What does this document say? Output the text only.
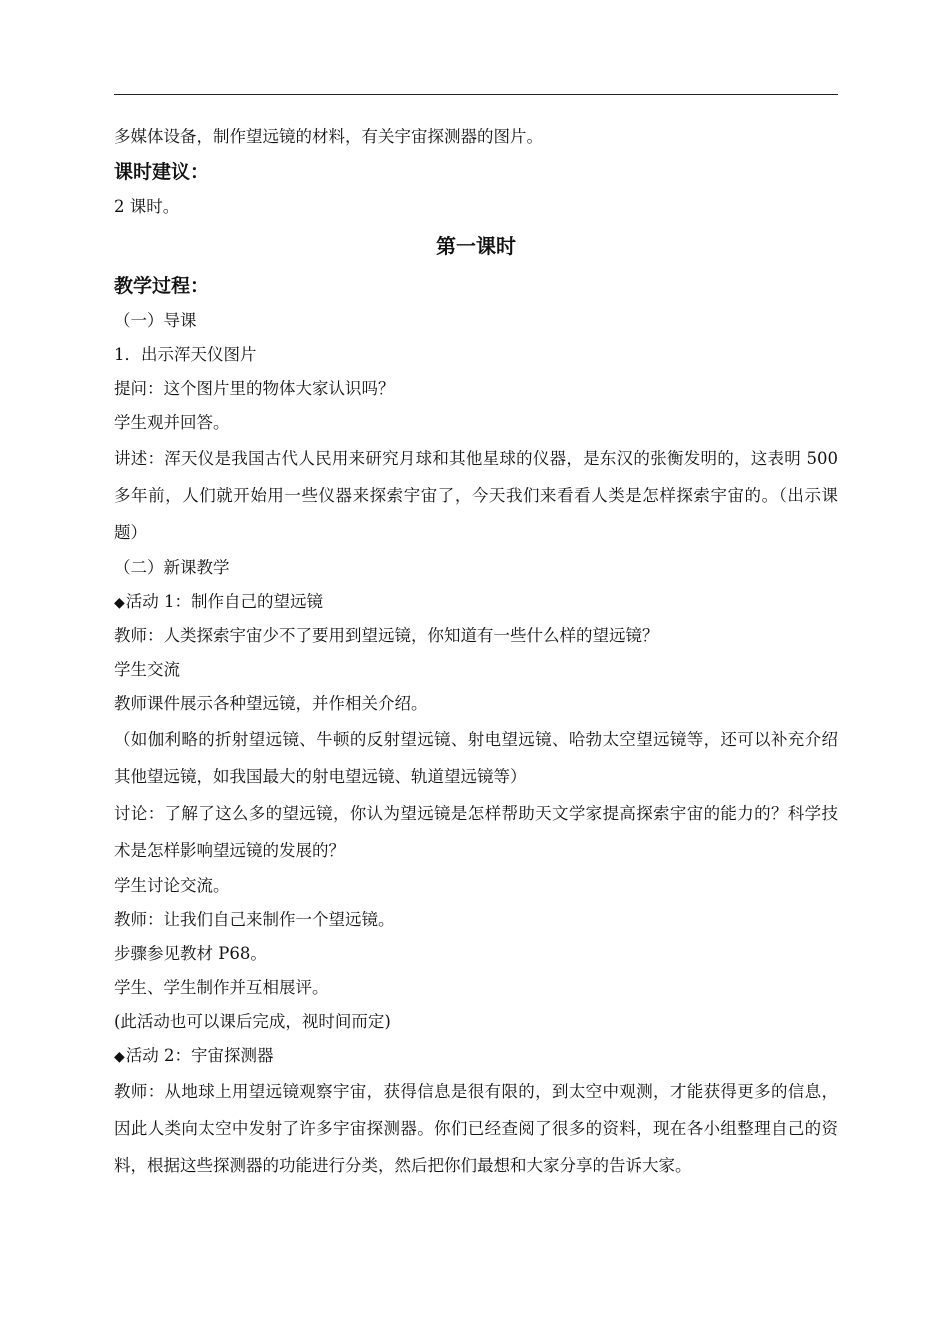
多媒体设备，制作望远镜的材料，有关宇宙探测器的图片。

课时建议：

2 课时。

第一课时

教学过程：

（一）导课

1．出示浑天仪图片

提问：这个图片里的物体大家认识吗？

学生观并回答。

讲述：浑天仪是我国古代人民用来研究月球和其他星球的仪器，是东汉的张衡发明的，这表明 500 多年前，人们就开始用一些仪器来探索宇宙了，今天我们来看看人类是怎样探索宇宙的。（出示课题）

（二）新课教学

◆活动 1：制作自己的望远镜

教师：人类探索宇宙少不了要用到望远镜，你知道有一些什么样的望远镜？

学生交流

教师课件展示各种望远镜，并作相关介绍。

（如伽利略的折射望远镜、牛顿的反射望远镜、射电望远镜、哈勃太空望远镜等，还可以补充介绍其他望远镜，如我国最大的射电望远镜、轨道望远镜等）

讨论：了解了这么多的望远镜，你认为望远镜是怎样帮助天文学家提高探索宇宙的能力的？科学技术是怎样影响望远镜的发展的？

学生讨论交流。

教师：让我们自己来制作一个望远镜。

步骤参见教材 P68。

学生、学生制作并互相展评。

(此活动也可以课后完成，视时间而定)

◆活动 2：宇宙探测器

教师：从地球上用望远镜观察宇宙，获得信息是很有限的，到太空中观测，才能获得更多的信息，因此人类向太空中发射了许多宇宙探测器。你们已经查阅了很多的资料，现在各小组整理自己的资料，根据这些探测器的功能进行分类，然后把你们最想和大家分享的告诉大家。
